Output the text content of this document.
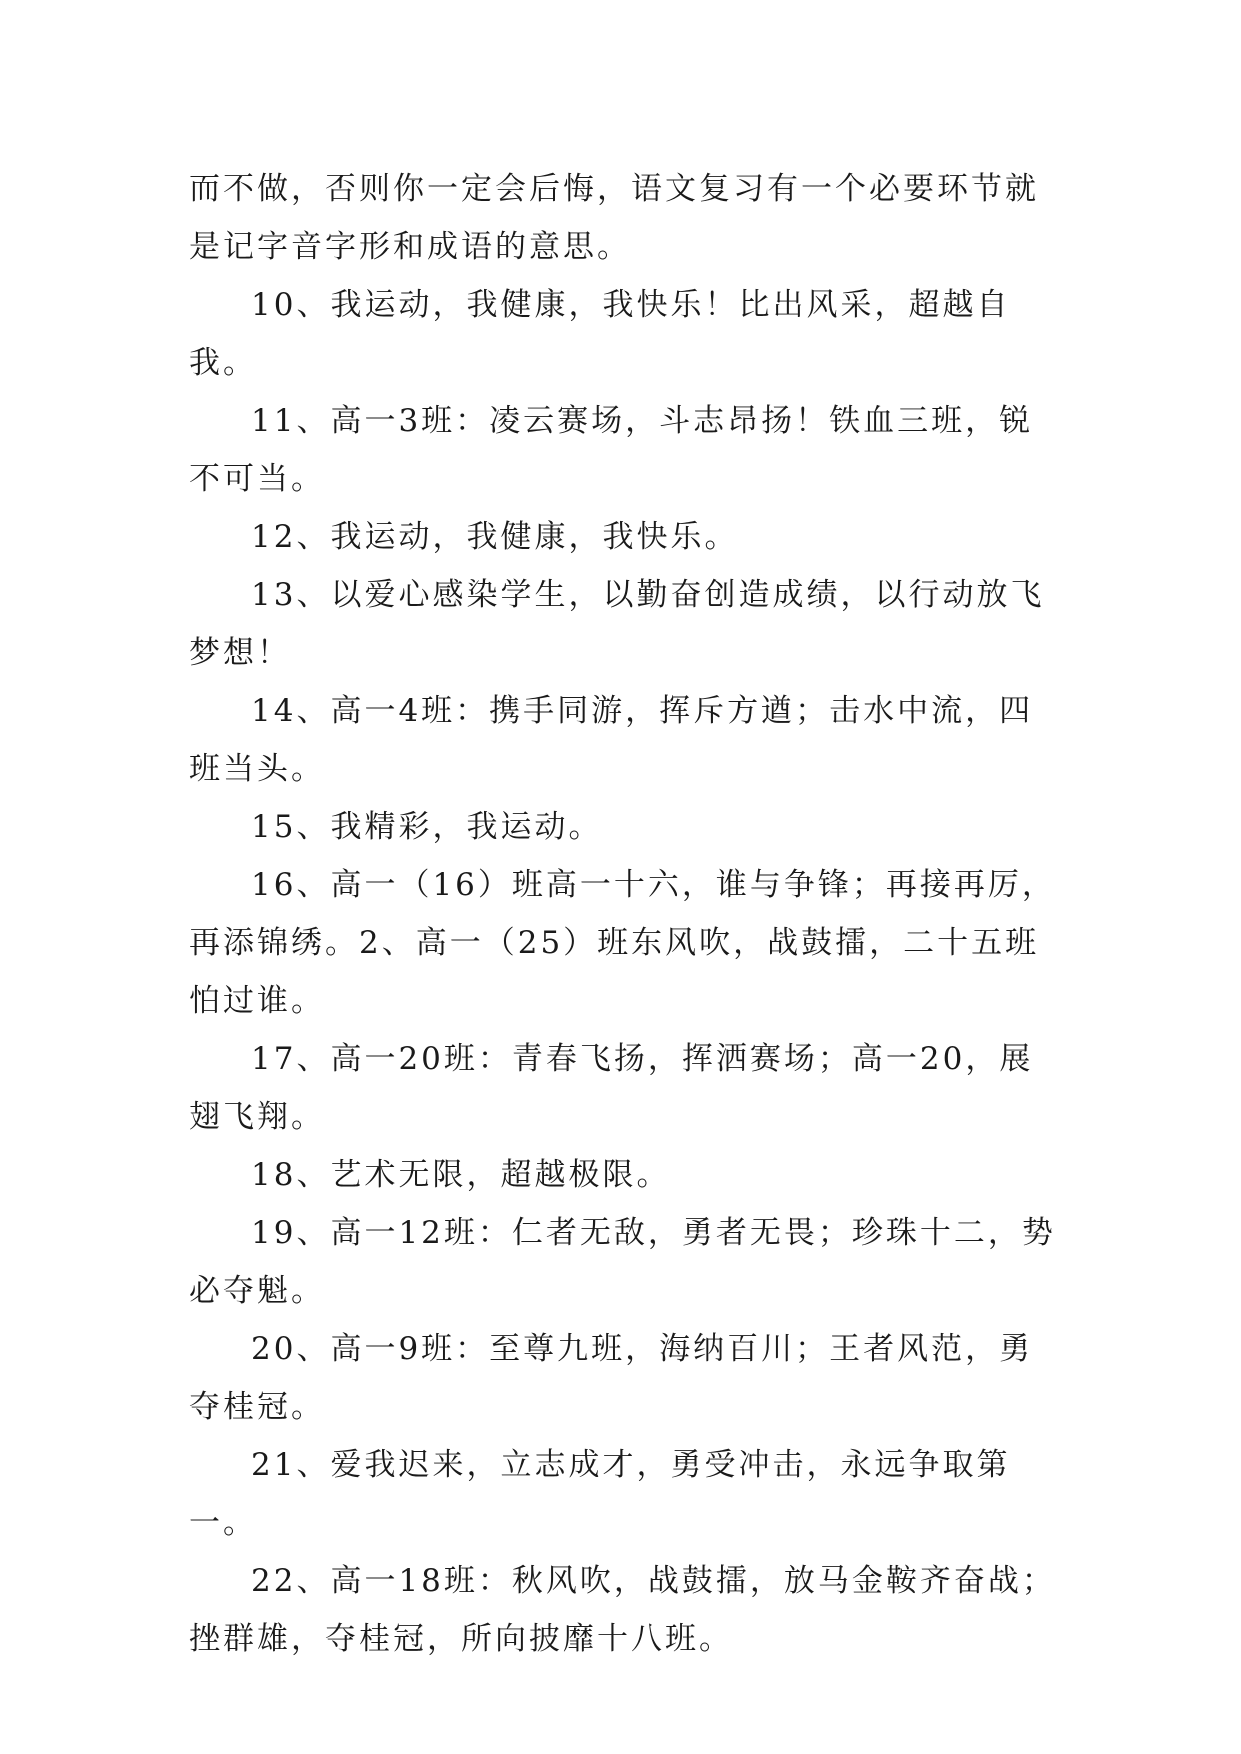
而不做，否则你一定会后悔，语文复习有一个必要环节就是记字音字形和成语的意思。

10、我运动，我健康，我快乐！比出风采，超越自我。

11、高一3班：凌云赛场，斗志昂扬！铁血三班，锐不可当。

12、我运动，我健康，我快乐。

13、以爱心感染学生，以勤奋创造成绩，以行动放飞梦想！

14、高一4班：携手同游，挥斥方遒；击水中流，四班当头。

15、我精彩，我运动。

16、高一（16）班高一十六，谁与争锋；再接再厉，再添锦绣。2、高一（25）班东风吹，战鼓擂，二十五班怕过谁。

17、高一20班：青春飞扬，挥洒赛场；高一20，展翅飞翔。

18、艺术无限，超越极限。

19、高一12班：仁者无敌，勇者无畏；珍珠十二，势必夺魁。

20、高一9班：至尊九班，海纳百川；王者风范，勇夺桂冠。

21、爱我迟来，立志成才，勇受冲击，永远争取第一。

22、高一18班：秋风吹，战鼓擂，放马金鞍齐奋战；挫群雄，夺桂冠，所向披靡十八班。
